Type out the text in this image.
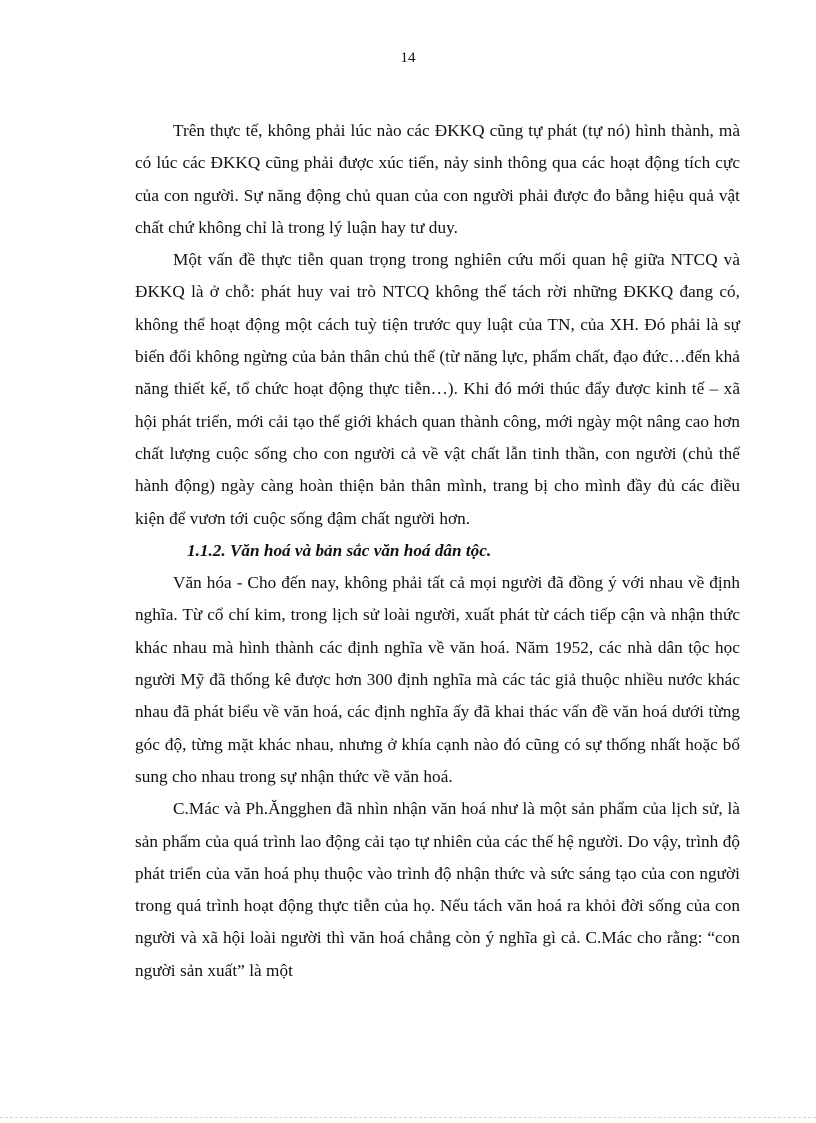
14

Trên thực tế, không phải lúc nào các ĐKKQ cũng tự phát (tự nó) hình thành, mà có lúc các ĐKKQ cũng phải được xúc tiến, nảy sinh thông qua các hoạt động tích cực của con người. Sự năng động chủ quan của con người phải được đo bằng hiệu quả vật chất chứ không chỉ là trong lý luận hay tư duy.

Một vấn đề thực tiễn quan trọng trong nghiên cứu mối quan hệ giữa NTCQ và ĐKKQ là ở chỗ: phát huy vai trò NTCQ không thể tách rời những ĐKKQ đang có, không thể hoạt động một cách tuỳ tiện trước quy luật của TN, của XH. Đó phải là sự biến đổi không ngừng của bản thân chủ thể (từ năng lực, phẩm chất, đạo đức…đến khả năng thiết kế, tổ chức hoạt động thực tiễn…). Khi đó mới thúc đẩy được kinh tế – xã hội phát triển, mới cải tạo thế giới khách quan thành công, mới ngày một nâng cao hơn chất lượng cuộc sống cho con người cả về vật chất lẫn tinh thần, con người (chủ thể hành động) ngày càng hoàn thiện bản thân mình, trang bị cho mình đầy đủ các điều kiện để vươn tới cuộc sống đậm chất người hơn.

1.1.2. Văn hoá và bản sắc văn hoá dân tộc.

Văn hóa - Cho đến nay, không phải tất cả mọi người đã đồng ý với nhau về định nghĩa. Từ cổ chí kim, trong lịch sử loài người, xuất phát từ cách tiếp cận và nhận thức khác nhau mà hình thành các định nghĩa về văn hoá. Năm 1952, các nhà dân tộc học người Mỹ đã thống kê được hơn 300 định nghĩa mà các tác giả thuộc nhiều nước khác nhau đã phát biểu về văn hoá, các định nghĩa ấy đã khai thác vấn đề văn hoá dưới từng góc độ, từng mặt khác nhau, nhưng ở khía cạnh nào đó cũng có sự thống nhất hoặc bổ sung cho nhau trong sự nhận thức về văn hoá.

C.Mác và Ph.Ăngghen đã nhìn nhận văn hoá như là một sản phẩm của lịch sử, là sản phẩm của quá trình lao động cải tạo tự nhiên của các thế hệ người. Do vậy, trình độ phát triển của văn hoá phụ thuộc vào trình độ nhận thức và sức sáng tạo của con người trong quá trình hoạt động thực tiễn của họ. Nếu tách văn hoá ra khỏi đời sống của con người và xã hội loài người thì văn hoá chẳng còn ý nghĩa gì cả. C.Mác cho rằng: “con người sản xuất” là một
